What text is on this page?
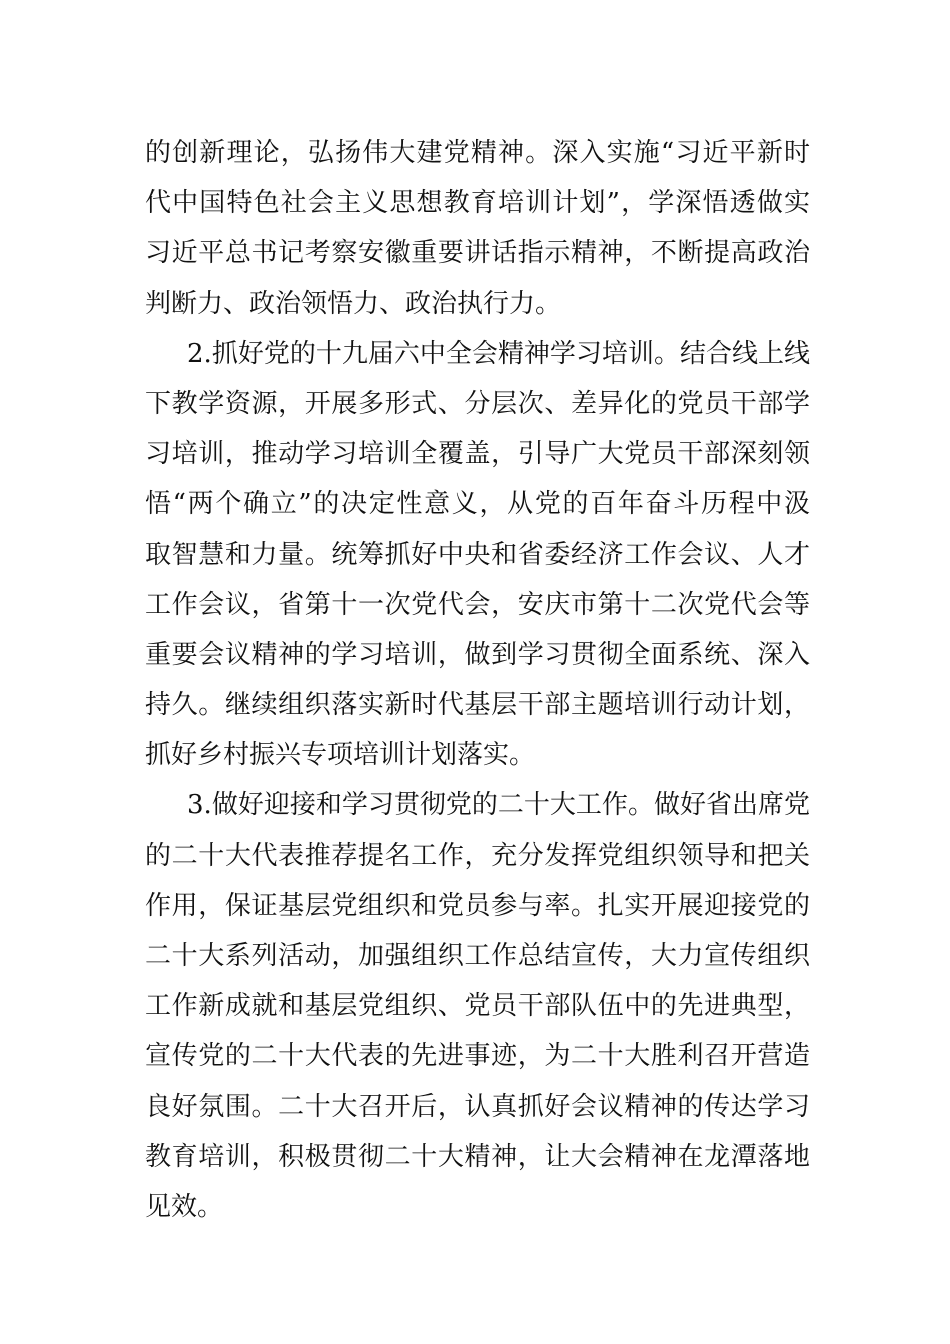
的创新理论，弘扬伟大建党精神。深入实施“习近平新时
代中国特色社会主义思想教育培训计划”，学深悟透做实
习近平总书记考察安徽重要讲话指示精神，不断提高政治
判断力、政治领悟力、政治执行力。
2.抓好党的十九届六中全会精神学习培训。结合线上线
下教学资源，开展多形式、分层次、差异化的党员干部学
习培训，推动学习培训全覆盖，引导广大党员干部深刻领
悟“两个确立”的决定性意义，从党的百年奋斗历程中汲
取智慧和力量。统筹抓好中央和省委经济工作会议、人才
工作会议，省第十一次党代会，安庆市第十二次党代会等
重要会议精神的学习培训，做到学习贯彻全面系统、深入
持久。继续组织落实新时代基层干部主题培训行动计划，
抓好乡村振兴专项培训计划落实。
3.做好迎接和学习贯彻党的二十大工作。做好省出席党
的二十大代表推荐提名工作，充分发挥党组织领导和把关
作用，保证基层党组织和党员参与率。扎实开展迎接党的
二十大系列活动，加强组织工作总结宣传，大力宣传组织
工作新成就和基层党组织、党员干部队伍中的先进典型，
宣传党的二十大代表的先进事迹，为二十大胜利召开营造
良好氛围。二十大召开后，认真抓好会议精神的传达学习
教育培训，积极贯彻二十大精神，让大会精神在龙潭落地
见效。
